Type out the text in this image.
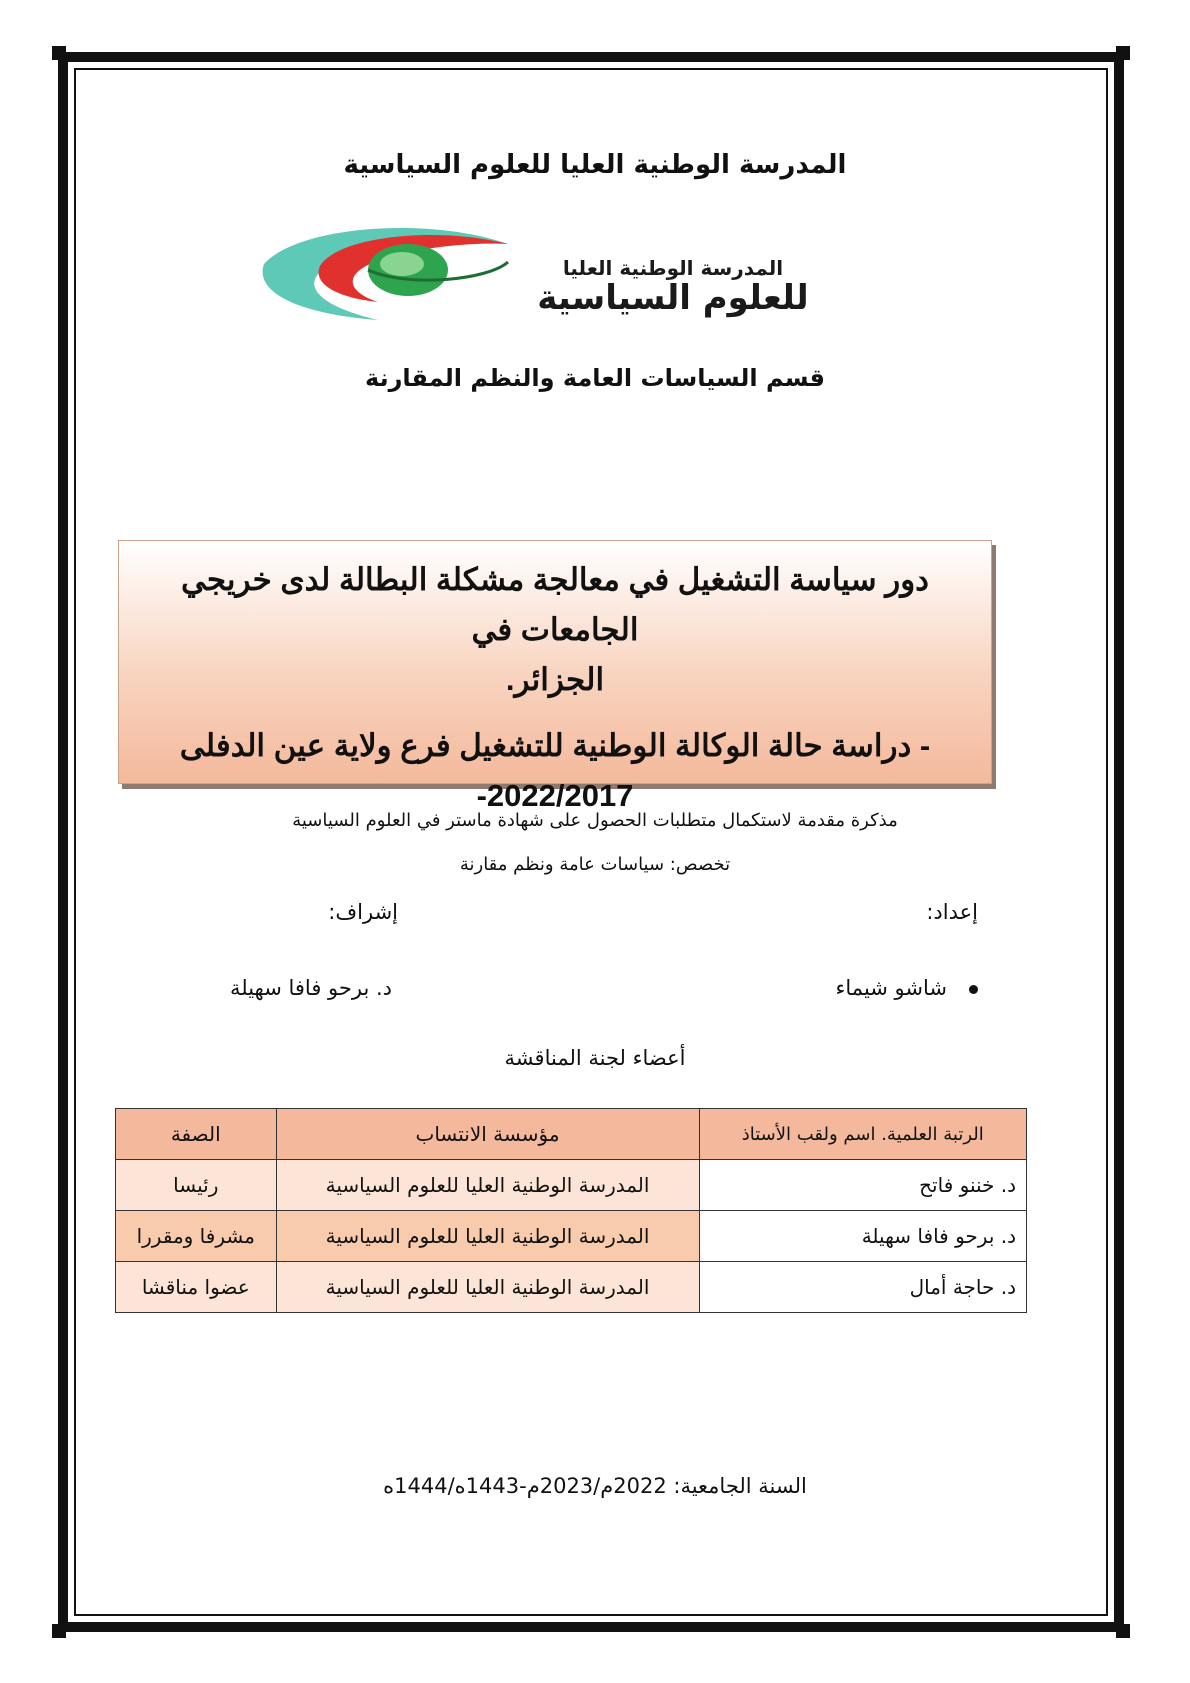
المدرسة الوطنية العليا للعلوم السياسية
المدرسة الوطنية العليا
للعلوم السياسية
قسم السياسات العامة والنظم المقارنة
دور سياسة التشغيل في معالجة مشكلة البطالة لدى خريجي الجامعات في
الجزائر.
- دراسة حالة الوكالة الوطنية للتشغيل فرع ولاية عين الدفلى
-2022/2017
مذكرة مقدمة لاستكمال متطلبات الحصول على شهادة ماستر في العلوم السياسية
تخصص: سياسات عامة ونظم مقارنة
إعداد:
إشراف:
شاشو شيماء
د. برحو فافا سهيلة
أعضاء لجنة المناقشة
الرتبة العلمية. اسم ولقب الأستاذ	مؤسسة الانتساب	الصفة
د. خننو فاتح	المدرسة الوطنية العليا للعلوم السياسية	رئيسا
د. برحو فافا سهيلة	المدرسة الوطنية العليا للعلوم السياسية	مشرفا ومقررا
د. حاجة أمال	المدرسة الوطنية العليا للعلوم السياسية	عضوا مناقشا
السنة الجامعية: 2022م/2023م-1443ه/1444ه
